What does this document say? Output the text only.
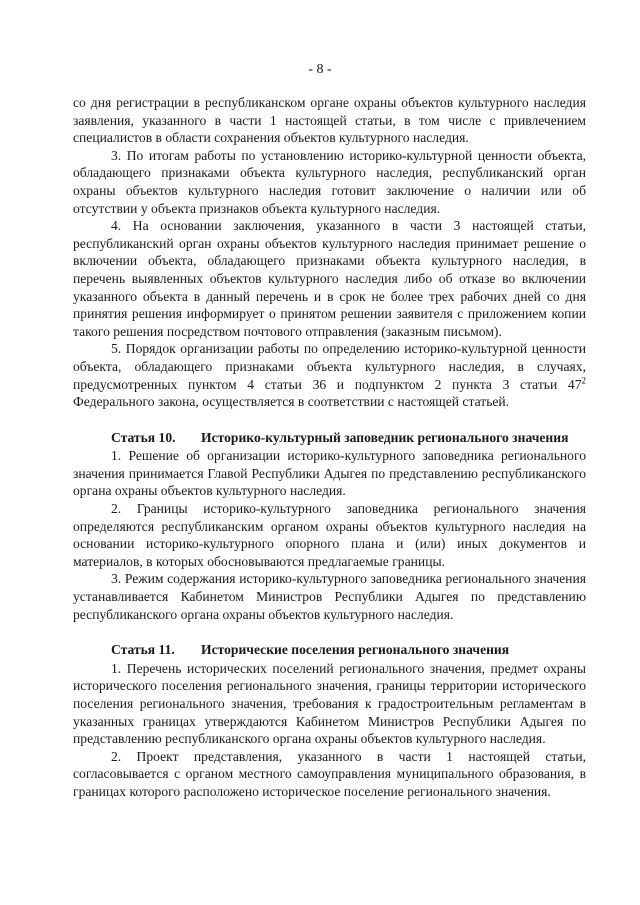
- 8 -

со дня регистрации в республиканском органе охраны объектов культурного наследия заявления, указанного в части 1 настоящей статьи, в том числе с привлечением специалистов в области сохранения объектов культурного наследия.

3. По итогам работы по установлению историко-культурной ценности объекта, обладающего признаками объекта культурного наследия, республиканский орган охраны объектов культурного наследия готовит заключение о наличии или об отсутствии у объекта признаков объекта культурного наследия.

4. На основании заключения, указанного в части 3 настоящей статьи, республиканский орган охраны объектов культурного наследия принимает решение о включении объекта, обладающего признаками объекта культурного наследия, в перечень выявленных объектов культурного наследия либо об отказе во включении указанного объекта в данный перечень и в срок не более трех рабочих дней со дня принятия решения информирует о принятом решении заявителя с приложением копии такого решения посредством почтового отправления (заказным письмом).

5. Порядок организации работы по определению историко-культурной ценности объекта, обладающего признаками объекта культурного наследия, в случаях, предусмотренных пунктом 4 статьи 36 и подпунктом 2 пункта 3 статьи $47^2$ Федерального закона, осуществляется в соответствии с настоящей статьей.

Статья 10.	Историко-культурный заповедник регионального значения

1. Решение об организации историко-культурного заповедника регионального значения принимается Главой Республики Адыгея по представлению республиканского органа охраны объектов культурного наследия.

2. Границы историко-культурного заповедника регионального значения определяются республиканским органом охраны объектов культурного наследия на основании историко-культурного опорного плана и (или) иных документов и материалов, в которых обосновываются предлагаемые границы.

3. Режим содержания историко-культурного заповедника регионального значения устанавливается Кабинетом Министров Республики Адыгея по представлению республиканского органа охраны объектов культурного наследия.

Статья 11.	Исторические поселения регионального значения

1. Перечень исторических поселений регионального значения, предмет охраны исторического поселения регионального значения, границы территории исторического поселения регионального значения, требования к градостроительным регламентам в указанных границах утверждаются Кабинетом Министров Республики Адыгея по представлению республиканского органа охраны объектов культурного наследия.

2. Проект представления, указанного в части 1 настоящей статьи, согласовывается с органом местного самоуправления муниципального образования, в границах которого расположено историческое поселение регионального значения.
